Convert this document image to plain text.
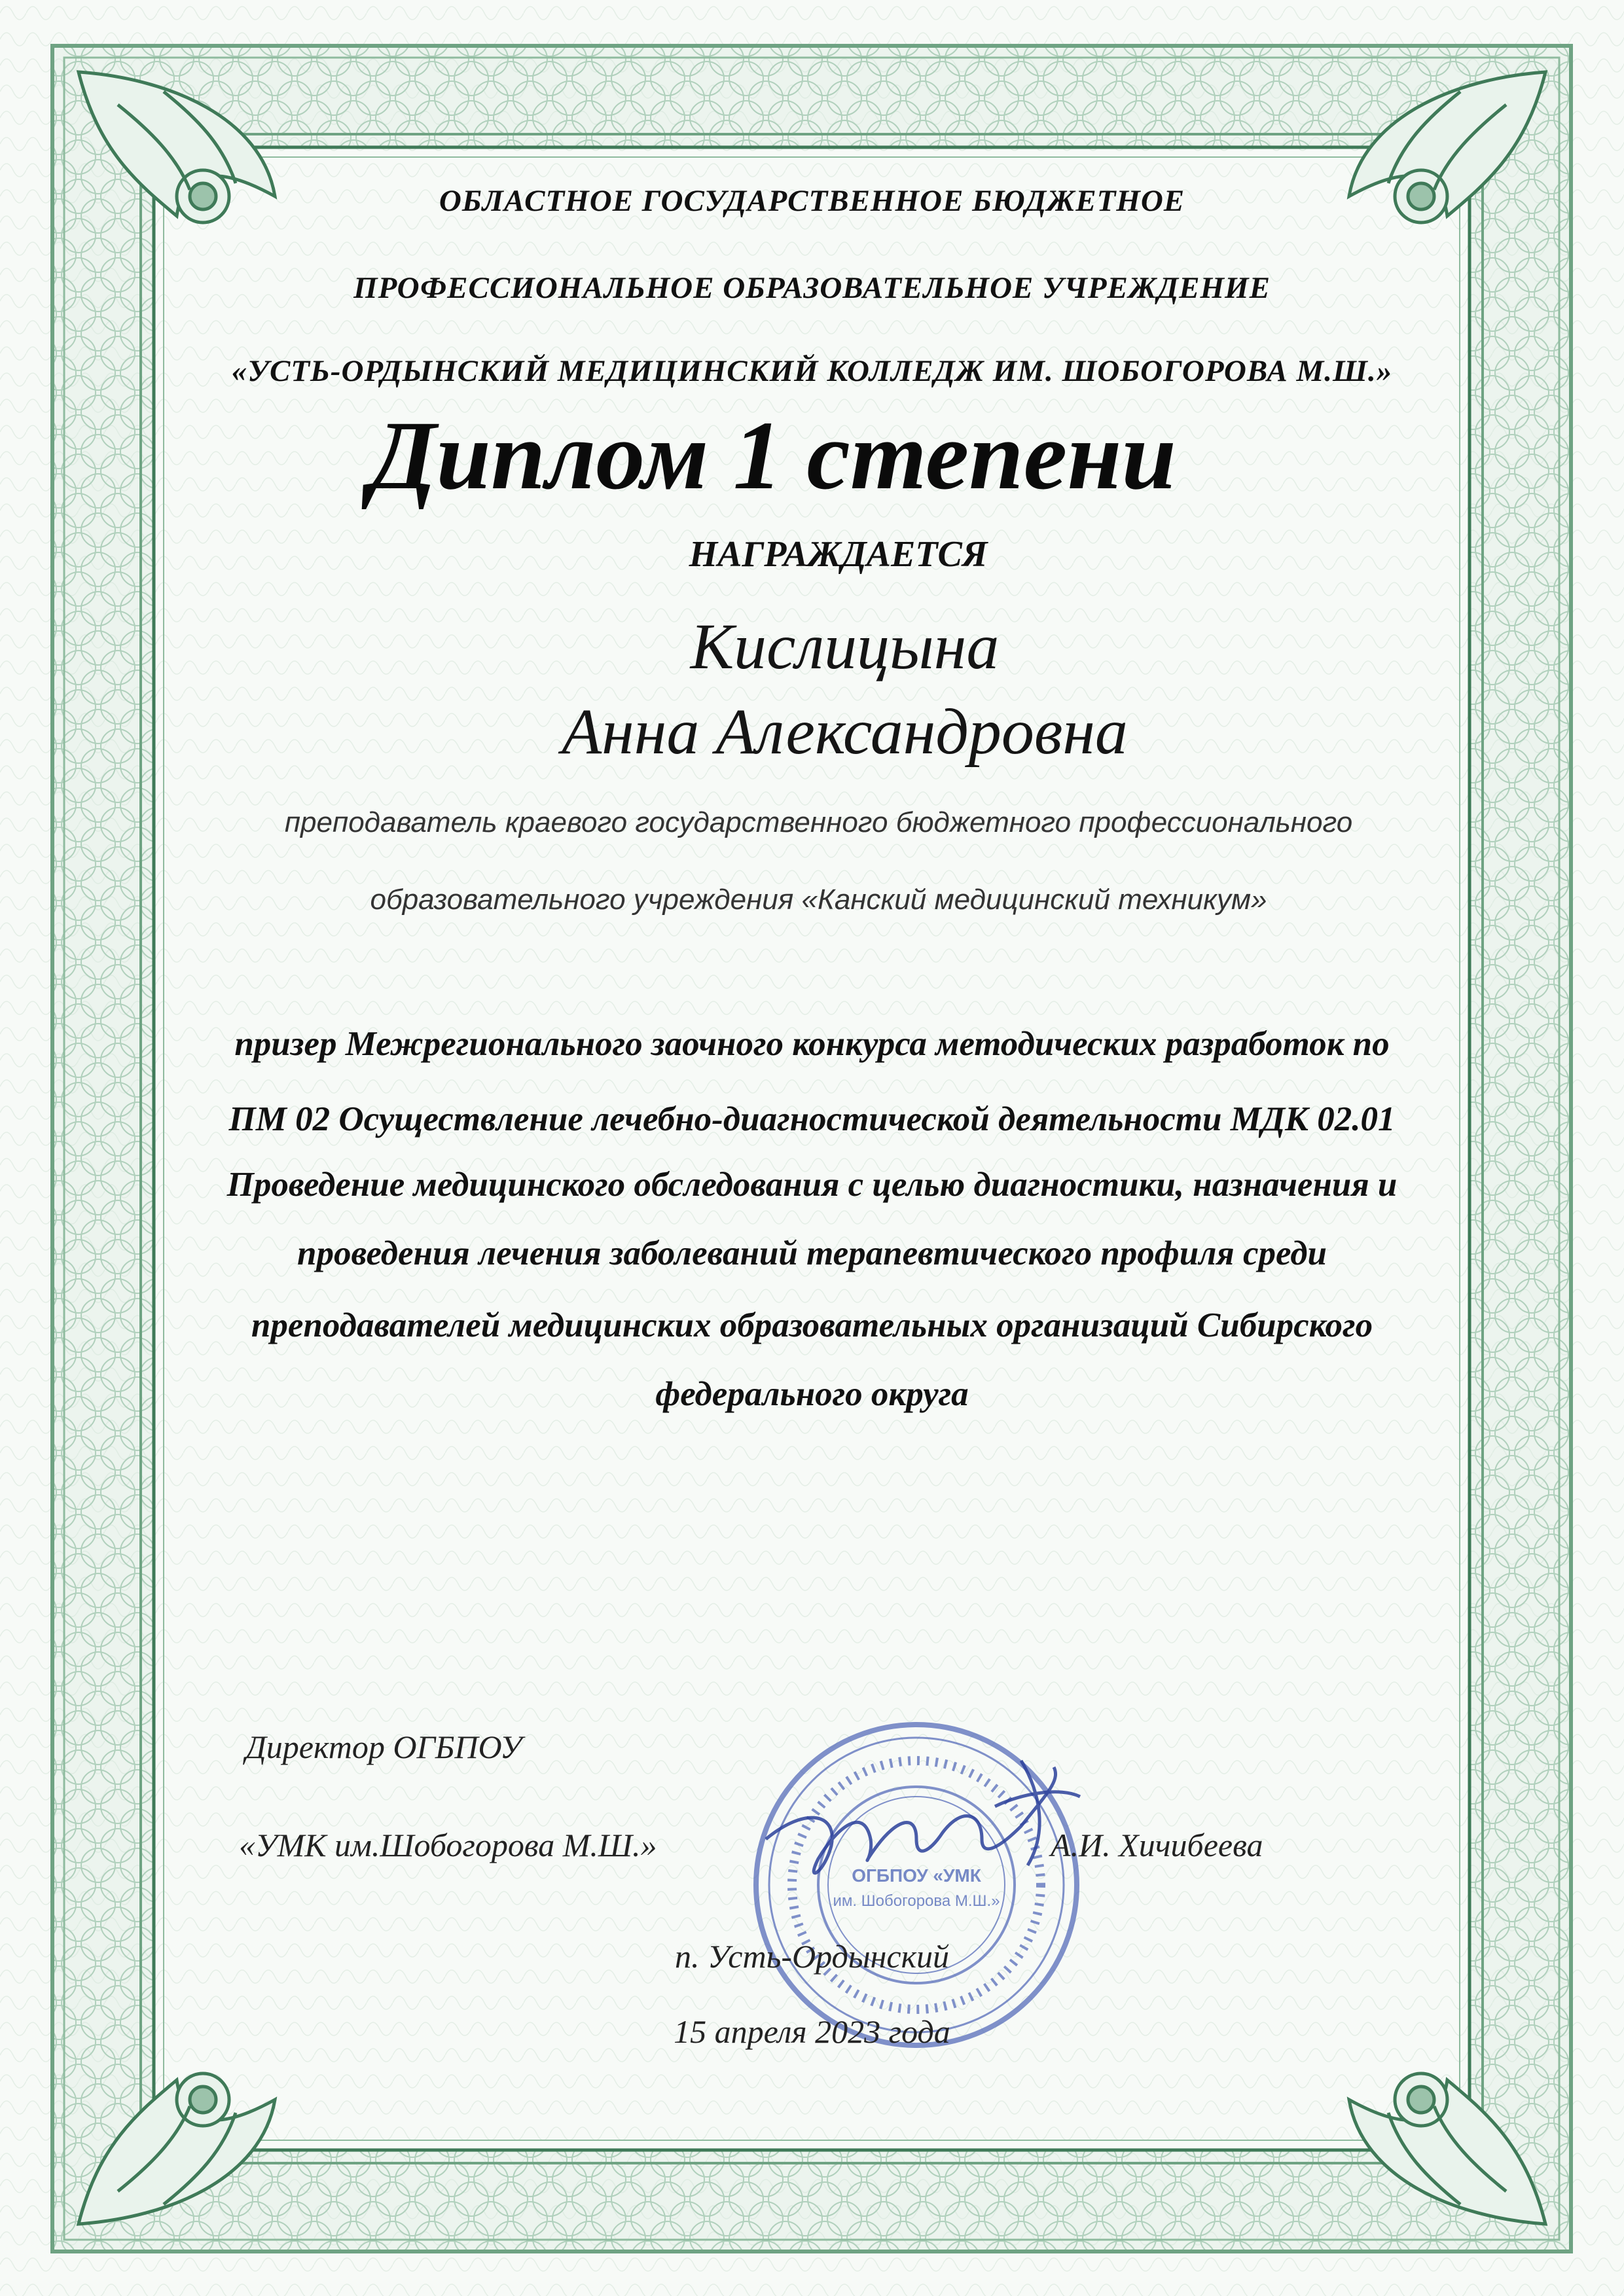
ОГБПОУ «УМК
им. Шобогорова М.Ш.»

ОБЛАСТНОЕ ГОСУДАРСТВЕННОЕ БЮДЖЕТНОЕ

ПРОФЕССИОНАЛЬНОЕ ОБРАЗОВАТЕЛЬНОЕ УЧРЕЖДЕНИЕ

«УСТЬ-ОРДЫНСКИЙ МЕДИЦИНСКИЙ КОЛЛЕДЖ ИМ. ШОБОГОРОВА М.Ш.»

Диплом 1 степени

НАГРАЖДАЕТСЯ

Кислицына

Анна Александровна

преподаватель краевого государственного бюджетного профессионального

образовательного учреждения «Канский медицинский техникум»

призер Межрегионального заочного конкурса методических разработок по

ПМ 02 Осуществление лечебно-диагностической деятельности МДК 02.01

Проведение медицинского обследования с целью диагностики, назначения и

проведения лечения заболеваний терапевтического профиля среди

преподавателей медицинских образовательных организаций Сибирского

федерального округа

Директор ОГБПОУ

«УМК им.Шобогорова М.Ш.»	А.И. Хичибеева

п. Усть-Ордынский

15 апреля 2023 года
